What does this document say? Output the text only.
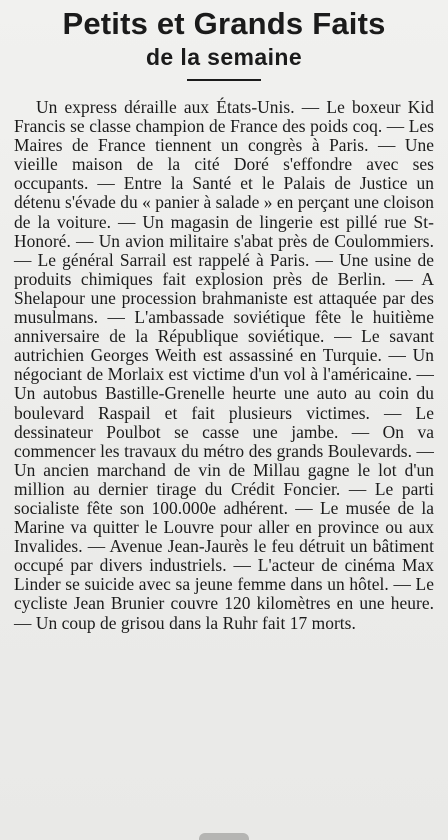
Petits et Grands Faits
de la semaine

Un express déraille aux États-Unis. — Le boxeur Kid Francis se classe champion de France des poids coq. — Les Maires de France tiennent un congrès à Paris. — Une vieille maison de la cité Doré s'effondre avec ses occupants. — Entre la Santé et le Palais de Justice un détenu s'évade du « panier à salade » en perçant une cloison de la voiture. — Un magasin de lingerie est pillé rue St-Honoré. — Un avion militaire s'abat près de Coulommiers. — Le général Sarrail est rappelé à Paris. — Une usine de produits chimiques fait explosion près de Berlin. — A Shelapour une procession brahmaniste est attaquée par des musulmans. — L'ambassade soviétique fête le huitième anniversaire de la République soviétique. — Le savant autrichien Georges Weith est assassiné en Turquie. — Un négociant de Morlaix est victime d'un vol à l'américaine. — Un autobus Bastille-Grenelle heurte une auto au coin du boulevard Raspail et fait plusieurs victimes. — Le dessinateur Poulbot se casse une jambe. — On va commencer les travaux du métro des grands Boulevards. — Un ancien marchand de vin de Millau gagne le lot d'un million au dernier tirage du Crédit Foncier. — Le parti socialiste fête son 100.000e adhérent. — Le musée de la Marine va quitter le Louvre pour aller en province ou aux Invalides. — Avenue Jean-Jaurès le feu détruit un bâtiment occupé par divers industriels. — L'acteur de cinéma Max Linder se suicide avec sa jeune femme dans un hôtel. — Le cycliste Jean Brunier couvre 120 kilomètres en une heure. — Un coup de grisou dans la Ruhr fait 17 morts.
